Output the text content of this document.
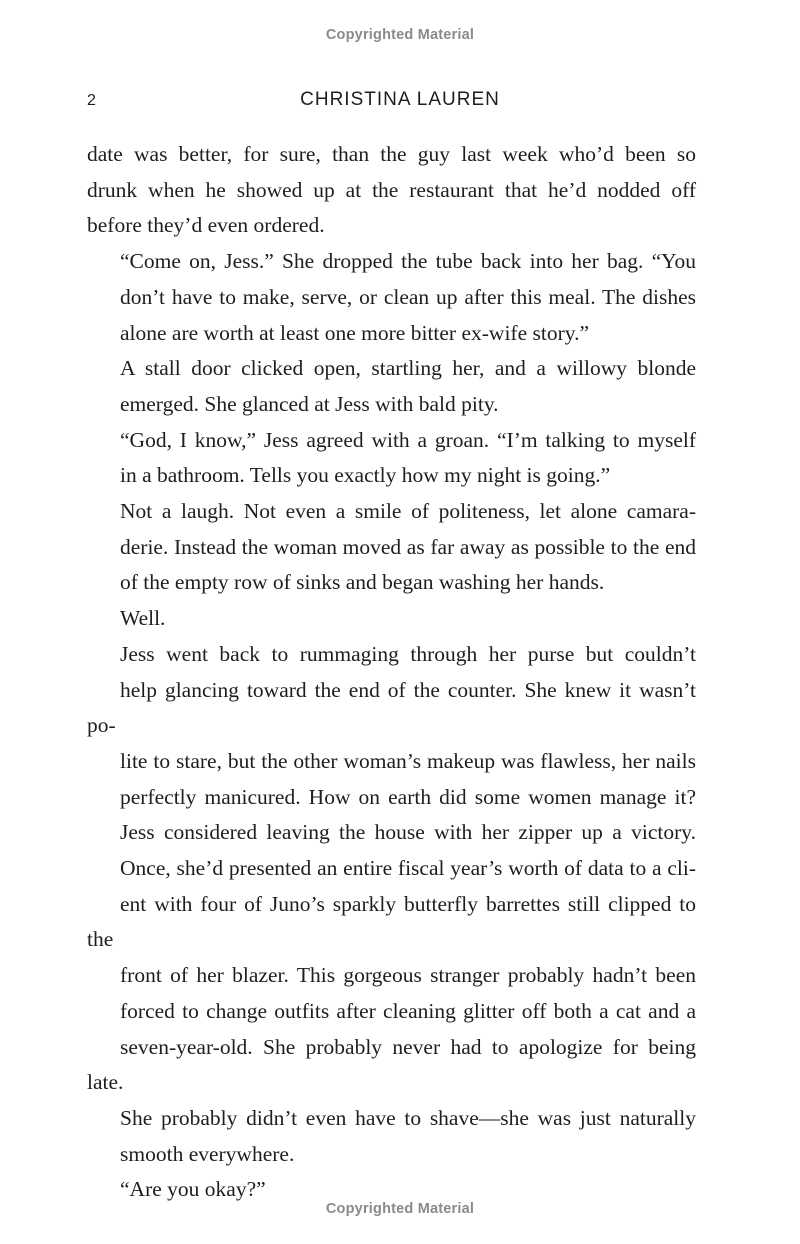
Copyrighted Material
2	CHRISTINA LAUREN

date was better, for sure, than the guy last week who’d been so
drunk when he showed up at the restaurant that he’d nodded off
before they’d even ordered.

“Come on, Jess.” She dropped the tube back into her bag. “You
don’t have to make, serve, or clean up after this meal. The dishes
alone are worth at least one more bitter ex-wife story.”

A stall door clicked open, startling her, and a willowy blonde
emerged. She glanced at Jess with bald pity.

“God, I know,” Jess agreed with a groan. “I’m talking to myself
in a bathroom. Tells you exactly how my night is going.”

Not a laugh. Not even a smile of politeness, let alone camara-
derie. Instead the woman moved as far away as possible to the end
of the empty row of sinks and began washing her hands.

Well.

Jess went back to rummaging through her purse but couldn’t
help glancing toward the end of the counter. She knew it wasn’t po-
lite to stare, but the other woman’s makeup was flawless, her nails
perfectly manicured. How on earth did some women manage it?
Jess considered leaving the house with her zipper up a victory.
Once, she’d presented an entire fiscal year’s worth of data to a cli-
ent with four of Juno’s sparkly butterfly barrettes still clipped to the
front of her blazer. This gorgeous stranger probably hadn’t been
forced to change outfits after cleaning glitter off both a cat and a
seven-year-old. She probably never had to apologize for being late.
She probably didn’t even have to shave—she was just naturally
smooth everywhere.

“Are you okay?”

Copyrighted Material
